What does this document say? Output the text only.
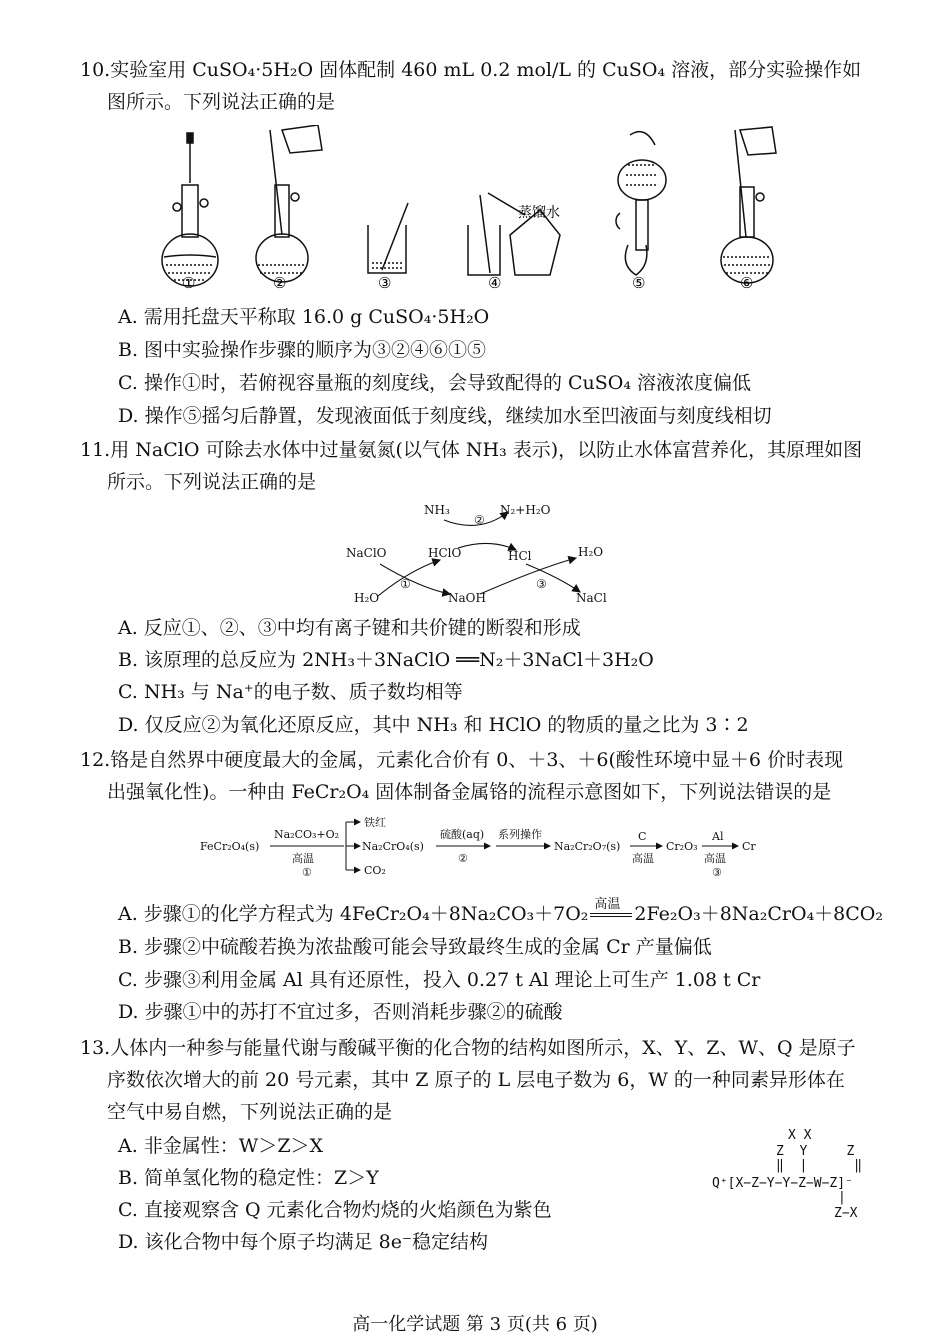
10.实验室用 CuSO₄·5H₂O 固体配制 460 mL 0.2 mol/L 的 CuSO₄ 溶液，部分实验操作如
图所示。下列说法正确的是
①	②	③
蒸馏水
④	⑤	⑥
A. 需用托盘天平称取 16.0 g CuSO₄·5H₂O
B. 图中实验操作步骤的顺序为③②④⑥①⑤
C. 操作①时，若俯视容量瓶的刻度线，会导致配得的 CuSO₄ 溶液浓度偏低
D. 操作⑤摇匀后静置，发现液面低于刻度线，继续加水至凹液面与刻度线相切
11.用 NaClO 可除去水体中过量氨氮(以气体 NH₃ 表示)，以防止水体富营养化，其原理如图
所示。下列说法正确的是
NH₃	N₂+H₂O
②
NaClO	HClO	HCl	H₂O
①	③
H₂O	NaOH	NaCl
A. 反应①、②、③中均有离子键和共价键的断裂和形成
B. 该原理的总反应为 2NH₃＋3NaClO ══N₂＋3NaCl＋3H₂O
C. NH₃ 与 Na⁺的电子数、质子数均相等
D. 仅反应②为氧化还原反应，其中 NH₃ 和 HClO 的物质的量之比为 3∶2
12.铬是自然界中硬度最大的金属，元素化合价有 0、＋3、＋6(酸性环境中显＋6 价时表现
出强氧化性)。一种由 FeCr₂O₄ 固体制备金属铬的流程示意图如下，下列说法错误的是
FeCr₂O₄(s)
Na₂CO₃+O₂
高温
①
铁红
Na₂CrO₄(s)
CO₂
硫酸(aq)
②
系列操作
Na₂Cr₂O₇(s)
C
高温
Cr₂O₃
Al
高温
③
Cr
A. 步骤①的化学方程式为 4FeCr₂O₄＋8Na₂CO₃＋7O₂ 高温 2Fe₂O₃＋8Na₂CrO₄＋8CO₂
B. 步骤②中硫酸若换为浓盐酸可能会导致最终生成的金属 Cr 产量偏低
C. 步骤③利用金属 Al 具有还原性，投入 0.27 t Al 理论上可生产 1.08 t Cr
D. 步骤①中的苏打不宜过多，否则消耗步骤②的硫酸
13.人体内一种参与能量代谢与酸碱平衡的化合物的结构如图所示，X、Y、Z、W、Q 是原子
序数依次增大的前 20 号元素，其中 Z 原子的 L 层电子数为 6，W 的一种同素异形体在
空气中易自燃，下列说法正确的是
A. 非金属性：W＞Z＞X
B. 简单氢化物的稳定性：Z＞Y
C. 直接观察含 Q 元素化合物灼烧的火焰颜色为紫色
D. 该化合物中每个原子均满足 8e⁻稳定结构
X X
Z  Y     Z
‖  |      ‖
Q⁺[X−Z−Y−Y−Z−W−Z]⁻
|
Z−X
高一化学试题 第 3 页(共 6 页)
